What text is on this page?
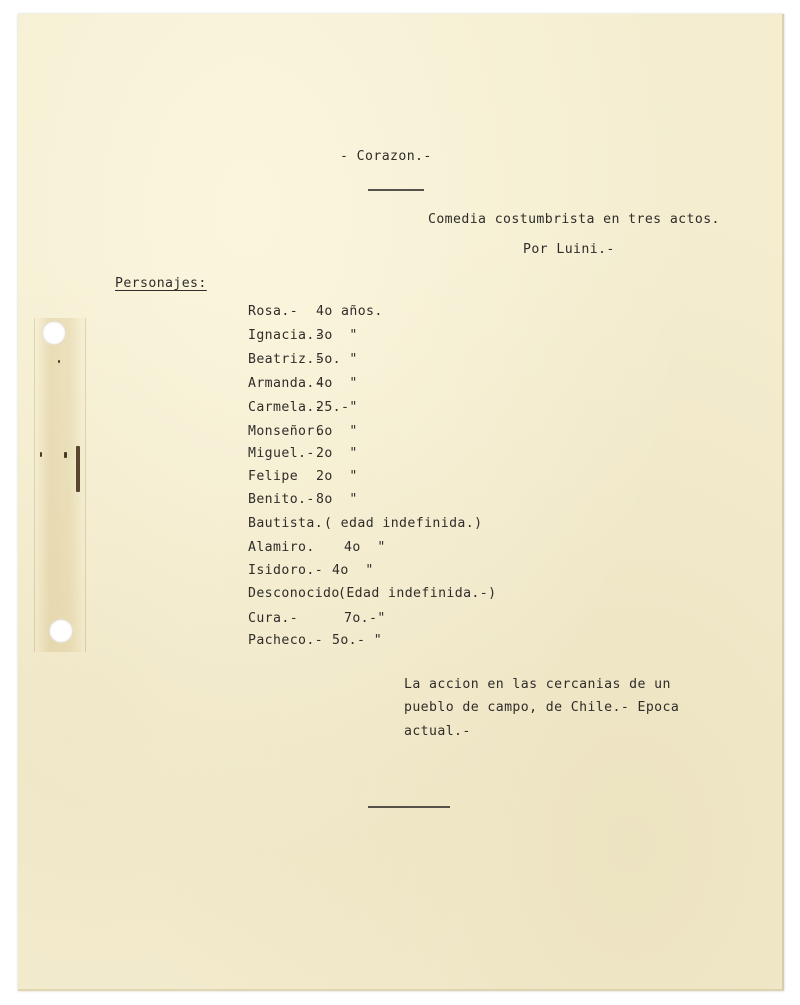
- Corazon.-
Comedia costumbrista en tres actos.
Por Luini.-
Personajes:
Rosa.- 4o años.
Ignacia.-
3o  "
Beatriz.-
5o. "
Armanda.-
4o  "
Carmela.-
25.-"
Monseñor.
6o  "
Miguel.- 2o  "
Felipe 2o  "
Benito.- 8o  "
Bautista. ( edad indefinida.)
Alamiro. 4o  "
Isidoro.- 4o  "
Desconocido
(Edad indefinida.-)
Cura.-	7o.-"
Pacheco.- 5o.- "
La accion en las cercanias de un
pueblo de campo, de Chile.- Epoca
actual.-
